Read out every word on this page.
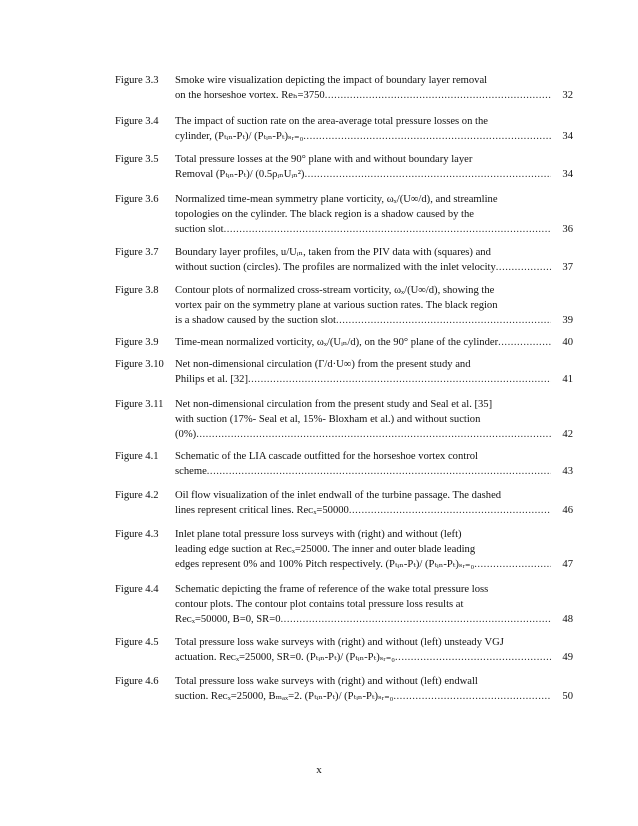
Figure 3.3	Smoke wire visualization depicting the impact of boundary layer removal
on the horseshoe vortex. Reₕ=3750 .....	32
Figure 3.4	The impact of suction rate on the area-average total pressure losses on the
cylinder, (Pₜᵢₙ-Pₜ)/ (Pₜᵢₙ-Pₜ)ₛᵣ₌₀ .....	34
Figure 3.5	Total pressure losses at the 90° plane with and without boundary layer
Removal (Pₜᵢₙ-Pₜ)/ (0.5ρᵢₙUᵢₙ²) .....	34
Figure 3.6	Normalized time-mean symmetry plane vorticity, ωₓ/(U∞/d), and streamline
topologies on the cylinder. The black region is a shadow caused by the
suction slot .....	36
Figure 3.7	Boundary layer profiles, u/Uᵢₙ, taken from the PIV data with (squares) and
without suction (circles). The profiles are normalized with the inlet velocity .....	37
Figure 3.8	Contour plots of normalized cross-stream vorticity, ωₓ/(U∞/d), showing the
vortex pair on the symmetry plane at various suction rates. The black region
is a shadow caused by the suction slot .....	39
Figure 3.9	Time-mean normalized vorticity, ωₓ/(Uᵢₙ/d), on the 90° plane of the cylinder .....	40
Figure 3.10	Net non-dimensional circulation (Γ/d·U∞) from the present study and
Philips et al. [32] .....	41
Figure 3.11	Net non-dimensional circulation from the present study and Seal et al. [35]
with suction (17%- Seal et al, 15%- Bloxham et al.) and without suction
(0%) .....	42
Figure 4.1	Schematic of the LIA cascade outfitted for the horseshoe vortex control
scheme .....	43
Figure 4.2	Oil flow visualization of the inlet endwall of the turbine passage. The dashed
lines represent critical lines. Reᴄₓ=50000 .....	46
Figure 4.3	Inlet plane total pressure loss surveys with (right) and without (left)
leading edge suction at Reᴄₓ=25000. The inner and outer blade leading
edges represent 0% and 100% Pitch respectively. (Pₜᵢₙ-Pₜ)/ (Pₜᵢₙ-Pₜ)ₛᵣ₌₀ .....	47
Figure 4.4	Schematic depicting the frame of reference of the wake total pressure loss
contour plots. The contour plot contains total pressure loss results at
Reᴄₓ=50000, B=0, SR=0 .....	48
Figure 4.5	Total pressure loss wake surveys with (right) and without (left) unsteady VGJ
actuation. Reᴄₓ=25000, SR=0. (Pₜᵢₙ-Pₜ)/ (Pₜᵢₙ-Pₜ)ₛᵣ₌₀ .....	49
Figure 4.6	Total pressure loss wake surveys with (right) and without (left) endwall
suction. Reᴄₓ=25000, Bₘₐₓ=2. (Pₜᵢₙ-Pₜ)/ (Pₜᵢₙ-Pₜ)ₛᵣ₌₀ .....	50
x
